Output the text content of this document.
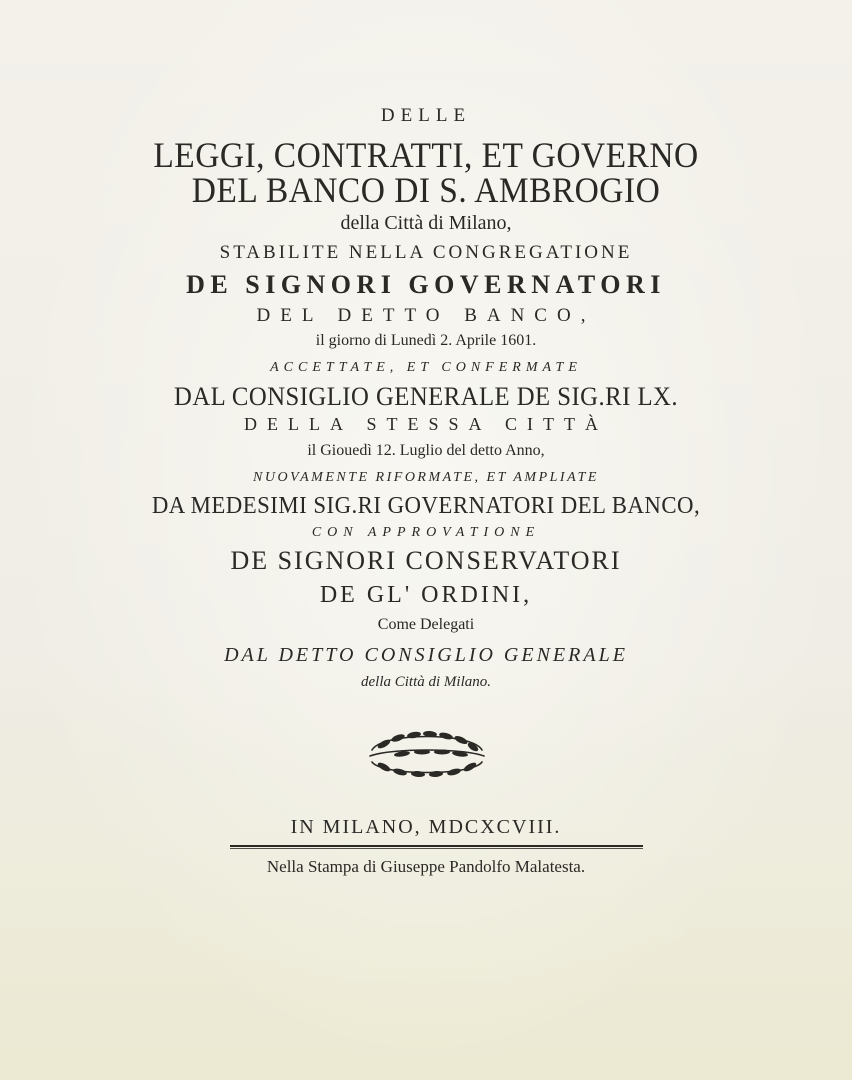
DELLE
LEGGI, CONTRATTI, ET GOVERNO
DEL BANCO DI S. AMBROGIO
della Città di Milano,
STABILITE NELLA CONGREGATIONE
DE SIGNORI GOVERNATORI
DEL DETTO BANCO,
il giorno di Lunedì 2. Aprile 1601.
ACCETTATE, ET CONFERMATE
DAL CONSIGLIO GENERALE DE SIG.RI LX.
DELLA STESSA CITTÀ
il Giouedì 12. Luglio del detto Anno,
NUOVAMENTE RIFORMATE, ET AMPLIATE
DA MEDESIMI SIG.RI GOVERNATORI DEL BANCO,
CON APPROVATIONE
DE SIGNORI CONSERVATORI
DE GL' ORDINI,
Come Delegati
DAL DETTO CONSIGLIO GENERALE
della Città di Milano.
IN MILANO, MDCXCVIII.
Nella Stampa di Giuseppe Pandolfo Malatesta.
